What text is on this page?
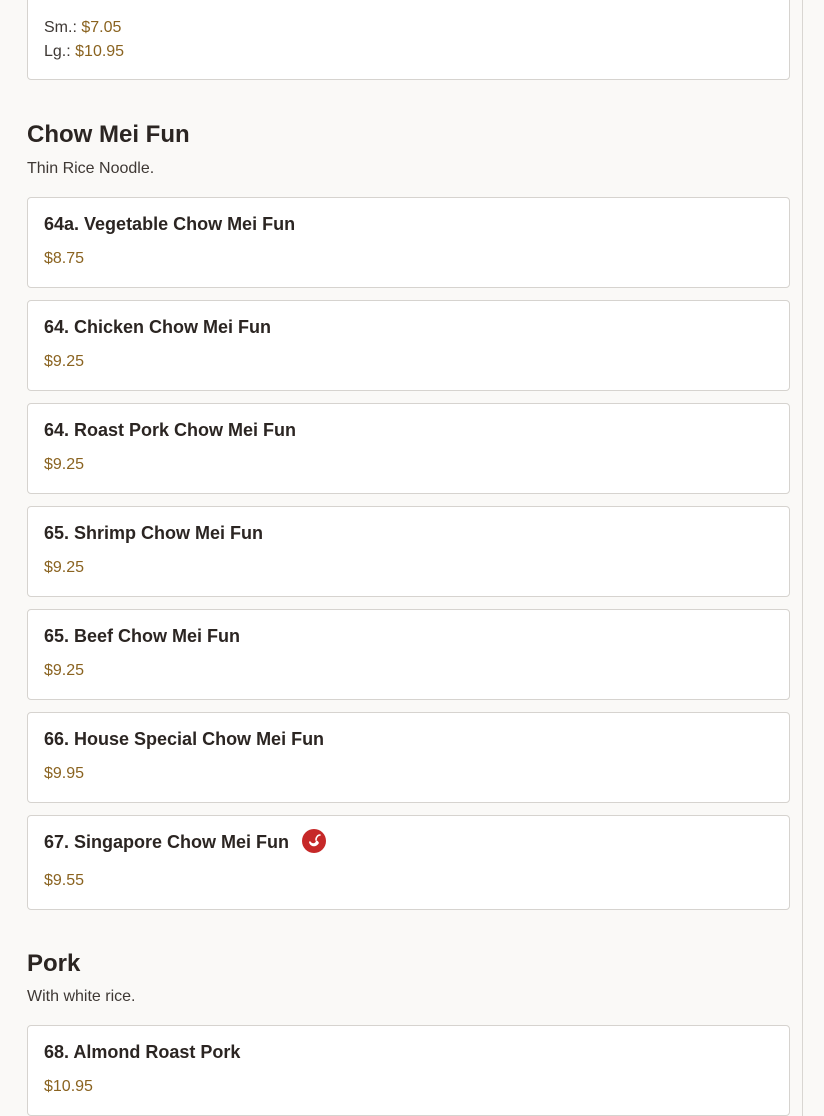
Sm.: $7.05
Lg.: $10.95
Chow Mei Fun
Thin Rice Noodle.
64a. Vegetable Chow Mei Fun
$8.75
64. Chicken Chow Mei Fun
$9.25
64. Roast Pork Chow Mei Fun
$9.25
65. Shrimp Chow Mei Fun
$9.25
65. Beef Chow Mei Fun
$9.25
66. House Special Chow Mei Fun
$9.95
67. Singapore Chow Mei Fun
$9.55
Pork
With white rice.
68. Almond Roast Pork
$10.95
